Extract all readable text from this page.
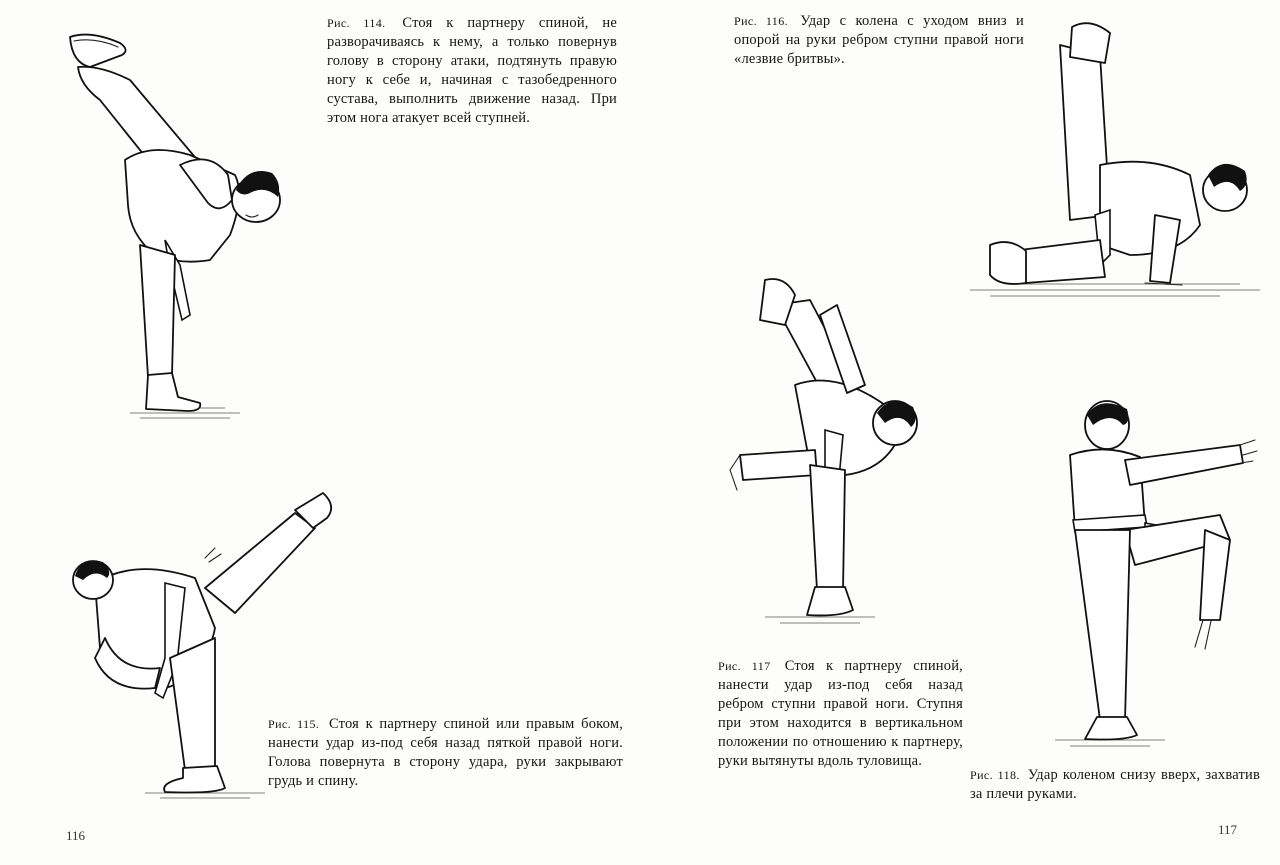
Рис. 114. Стоя к партнеру спиной, не разворачиваясь к нему, а только повернув голову в сторону атаки, подтянуть правую ногу к себе и, начиная с тазобедренного сустава, выполнить движение назад. При этом нога атакует всей ступней.
Рис. 115. Стоя к партнеру спиной или правым боком, нанести удар из-под себя назад пяткой правой ноги. Голова повернута в сторону удара, руки закрывают грудь и спину.
116
Рис. 116. Удар с колена с уходом вниз и опорой на руки ребром ступни правой ноги «лезвие бритвы».
Рис. 117 Стоя к партнеру спиной, нанести удар из-под себя назад ребром ступни правой ноги. Ступня при этом находится в вертикальном положении по отношению к партнеру, руки вытянуты вдоль туловища.
Рис. 118. Удар коленом снизу вверх, захватив за плечи руками.
117
